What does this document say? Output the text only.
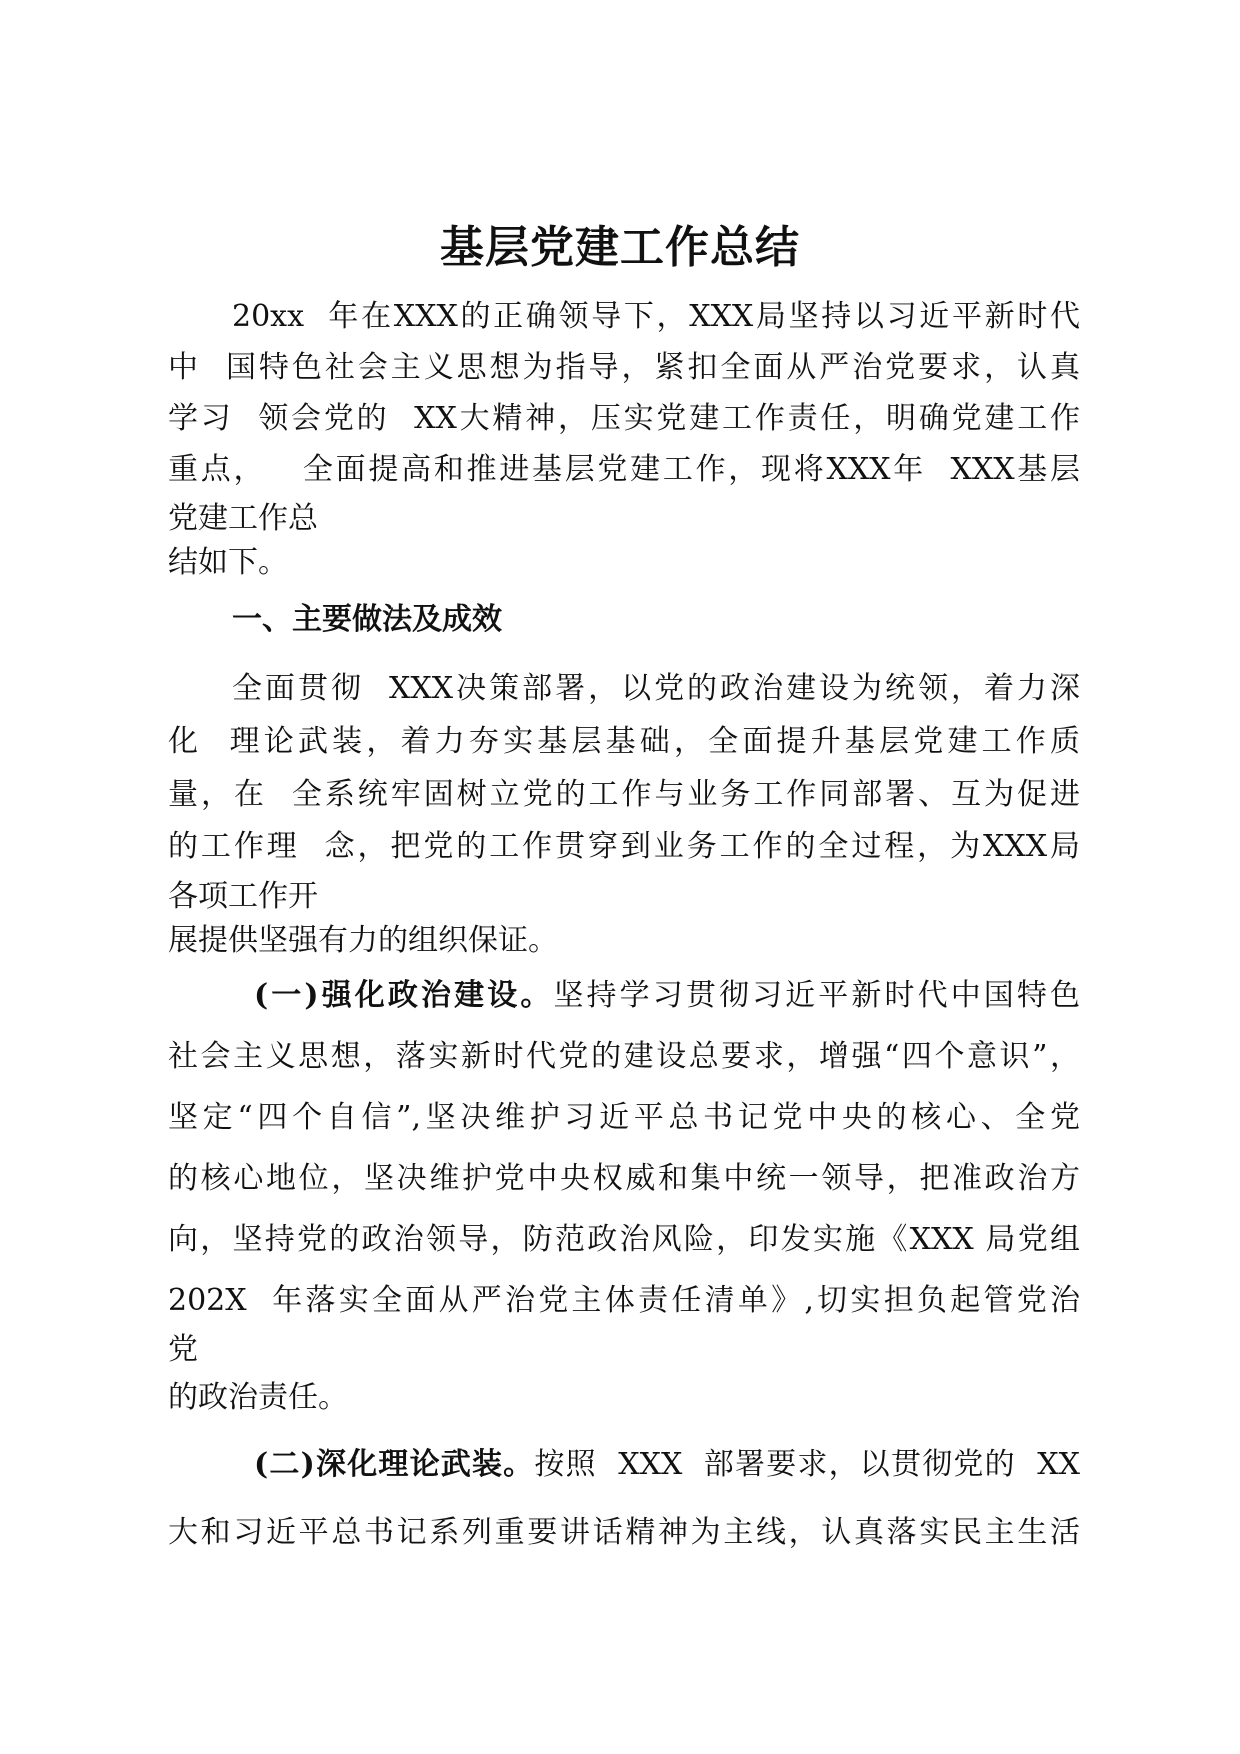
基层党建工作总结

20xx  年在XXX的正确领导下，XXX局坚持以习近平新时代

中  国特色社会主义思想为指导，紧扣全面从严治党要求，认真

学习  领会党的  XX大精神，压实党建工作责任，明确党建工作

重点，   全面提高和推进基层党建工作，现将XXX年  XXX基层

党建工作总

结如下。

一、主要做法及成效

全面贯彻  XXX决策部署，以党的政治建设为统领，着力深

化  理论武装，着力夯实基层基础，全面提升基层党建工作质

量，在  全系统牢固树立党的工作与业务工作同部署、互为促进

的工作理  念，把党的工作贯穿到业务工作的全过程，为XXX局

各项工作开

展提供坚强有力的组织保证。

(一)强化政治建设。坚持学习贯彻习近平新时代中国特色

社会主义思想，落实新时代党的建设总要求，增强“四个意识”，

坚定“四个自信”,坚决维护习近平总书记党中央的核心、全党

的核心地位，坚决维护党中央权威和集中统一领导，把准政治方

向，坚持党的政治领导，防范政治风险，印发实施《XXX 局党组

202X  年落实全面从严治党主体责任清单》,切实担负起管党治

党

的政治责任。

(二)深化理论武装。按照  XXX  部署要求，以贯彻党的  XX

大和习近平总书记系列重要讲话精神为主线，认真落实民主生活
